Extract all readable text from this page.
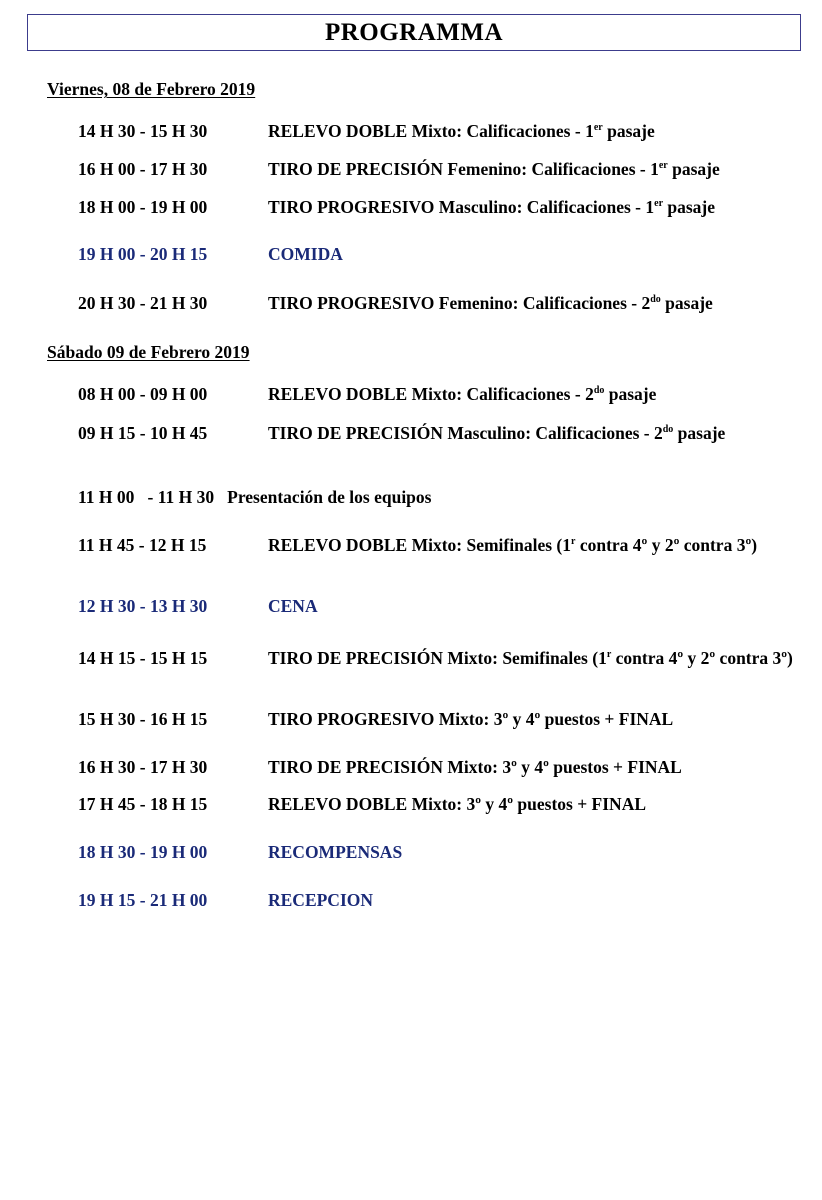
PROGRAMMA
Viernes, 08 de Febrero 2019
14 H 30 - 15 H 30	RELEVO DOBLE Mixto: Calificaciones - 1er pasaje
16 H 00 - 17 H 30	TIRO DE PRECISIÓN Femenino: Calificaciones - 1er pasaje
18 H 00 - 19 H 00	TIRO PROGRESIVO Masculino: Calificaciones - 1er pasaje
19 H 00 - 20 H 15	COMIDA
20 H 30 - 21 H 30	TIRO PROGRESIVO Femenino: Calificaciones - $2^{do}$ pasaje
Sábado 09 de Febrero 2019
08 H 00 - 09 H 00	RELEVO DOBLE Mixto: Calificaciones - $2^{do}$ pasaje
09 H 15 - 10 H 45	TIRO DE PRECISIÓN Masculino: Calificaciones - $2^{do}$ pasaje
11 H 00   - 11 H 30 Presentación de los equipos
11 H 45 - 12 H 15	RELEVO DOBLE Mixto: Semifinales (1$^r$ contra 4º y 2º contra 3º)
12 H 30 - 13 H 30	CENA
14 H 15 - 15 H 15	TIRO DE PRECISIÓN Mixto: Semifinales (1$^r$ contra 4º y 2º contra 3º)
15 H 30 - 16 H 15	TIRO PROGRESIVO Mixto: 3º y 4º puestos + FINAL
16 H 30 - 17 H 30	TIRO DE PRECISIÓN Mixto: 3º y 4º puestos + FINAL
17 H 45 - 18 H 15	RELEVO DOBLE Mixto: 3º y 4º puestos + FINAL
18 H 30 - 19 H 00	RECOMPENSAS
19 H 15 - 21 H 00	RECEPCION
